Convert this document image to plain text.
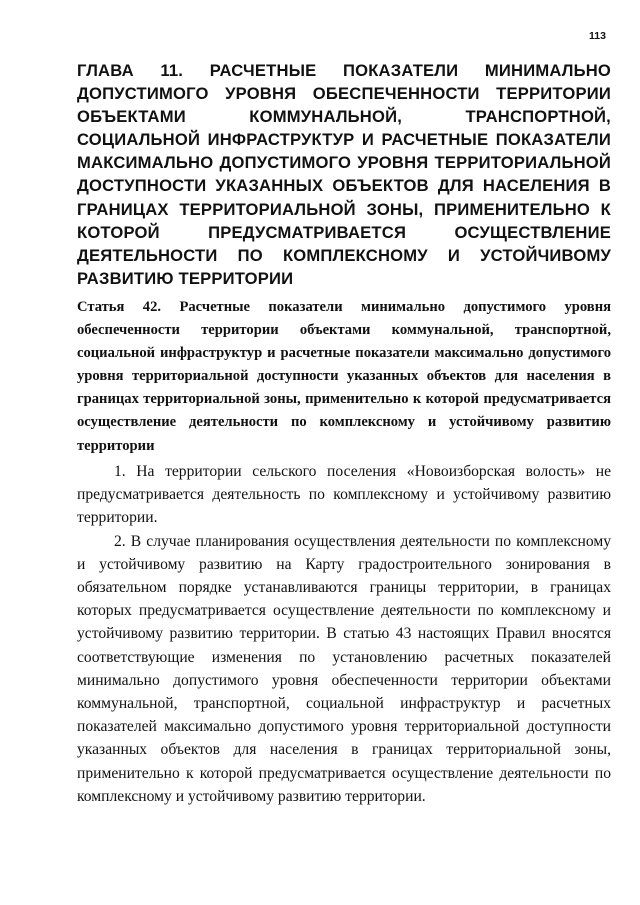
113
ГЛАВА 11. РАСЧЕТНЫЕ ПОКАЗАТЕЛИ МИНИМАЛЬНО ДОПУСТИМОГО УРОВНЯ ОБЕСПЕЧЕННОСТИ ТЕРРИТОРИИ ОБЪЕКТАМИ КОММУНАЛЬНОЙ, ТРАНСПОРТНОЙ, СОЦИАЛЬНОЙ ИНФРАСТРУКТУР И РАСЧЕТНЫЕ ПОКАЗАТЕЛИ МАКСИМАЛЬНО ДОПУСТИМОГО УРОВНЯ ТЕРРИТОРИАЛЬНОЙ ДОСТУПНОСТИ УКАЗАННЫХ ОБЪЕКТОВ ДЛЯ НАСЕЛЕНИЯ В ГРАНИЦАХ ТЕРРИТОРИАЛЬНОЙ ЗОНЫ, ПРИМЕНИТЕЛЬНО К КОТОРОЙ ПРЕДУСМАТРИВАЕТСЯ ОСУЩЕСТВЛЕНИЕ ДЕЯТЕЛЬНОСТИ ПО КОМПЛЕКСНОМУ И УСТОЙЧИВОМУ РАЗВИТИЮ ТЕРРИТОРИИ
Статья 42. Расчетные показатели минимально допустимого уровня обеспеченности территории объектами коммунальной, транспортной, социальной инфраструктур и расчетные показатели максимально допустимого уровня территориальной доступности указанных объектов для населения в границах территориальной зоны, применительно к которой предусматривается осуществление деятельности по комплексному и устойчивому развитию территории

1. На территории сельского поселения «Новоизборская волость» не предусматривается деятельность по комплексному и устойчивому развитию территории.

2. В случае планирования осуществления деятельности по комплексному и устойчивому развитию на Карту градостроительного зонирования в обязательном порядке устанавливаются границы территории, в границах которых предусматривается осуществление деятельности по комплексному и устойчивому развитию территории. В статью 43 настоящих Правил вносятся соответствующие изменения по установлению расчетных показателей минимально допустимого уровня обеспеченности территории объектами коммунальной, транспортной, социальной инфраструктур и расчетных показателей максимально допустимого уровня территориальной доступности указанных объектов для населения в границах территориальной зоны, применительно к которой предусматривается осуществление деятельности по комплексному и устойчивому развитию территории.
